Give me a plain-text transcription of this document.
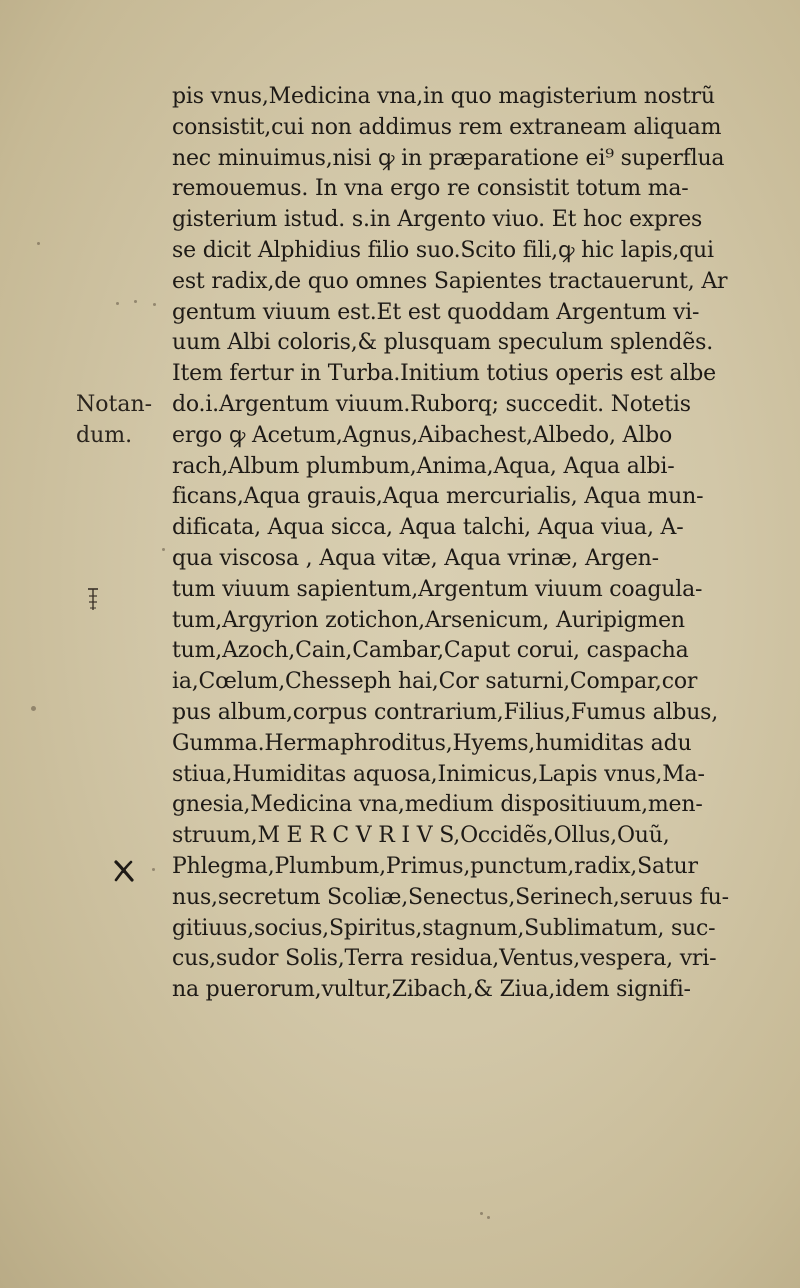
pis vnus,Medicina vna,in quo magisterium nostrũ
consistit,cui non addimus rem extraneam aliquam
nec minuimus,nisi ꝙ in præparatione ei⁹ superflua
remouemus. In vna ergo re consistit totum ma-
gisterium istud. s.in Argento viuo. Et hoc expres
se dicit Alphidius filio suo.Scito fili,ꝙ hic lapis,qui
est radix,de quo omnes Sapientes tractauerunt, Ar
gentum viuum est.Et est quoddam Argentum vi-
uum Albi coloris,& plusquam speculum splendẽs.
Item fertur in Turba.Initium totius operis est albe
do.i.Argentum viuum.Ruborq; succedit. Notetis
ergo ꝙ Acetum,Agnus,Aibachest,Albedo, Albo
rach,Album plumbum,Anima,Aqua, Aqua albi-
ficans,Aqua grauis,Aqua mercurialis, Aqua mun-
dificata, Aqua sicca, Aqua talchi, Aqua viua, A-
qua viscosa , Aqua vitæ, Aqua vrinæ, Argen-
tum viuum sapientum,Argentum viuum coagula-
tum,Argyrion zotichon,Arsenicum, Auripigmen
tum,Azoch,Cain,Cambar,Caput corui, caspacha
ia,Cœlum,Chesseph hai,Cor saturni,Compar,cor
pus album,corpus contrarium,Filius,Fumus albus,
Gumma.Hermaphroditus,Hyems,humiditas adu
stiua,Humiditas aquosa,Inimicus,Lapis vnus,Ma-
gnesia,Medicina vna,medium dispositiuum,men-
struum,M E R C V R I V S,Occidẽs,Ollus,Ouũ,
Phlegma,Plumbum,Primus,punctum,radix,Satur
nus,secretum Scoliæ,Senectus,Serinech,seruus fu-
gitiuus,socius,Spiritus,stagnum,Sublimatum, suc-
cus,sudor Solis,Terra residua,Ventus,vespera, vri-
na puerorum,vultur,Zibach,& Ziua,idem signifi-
Notan-
dum.
